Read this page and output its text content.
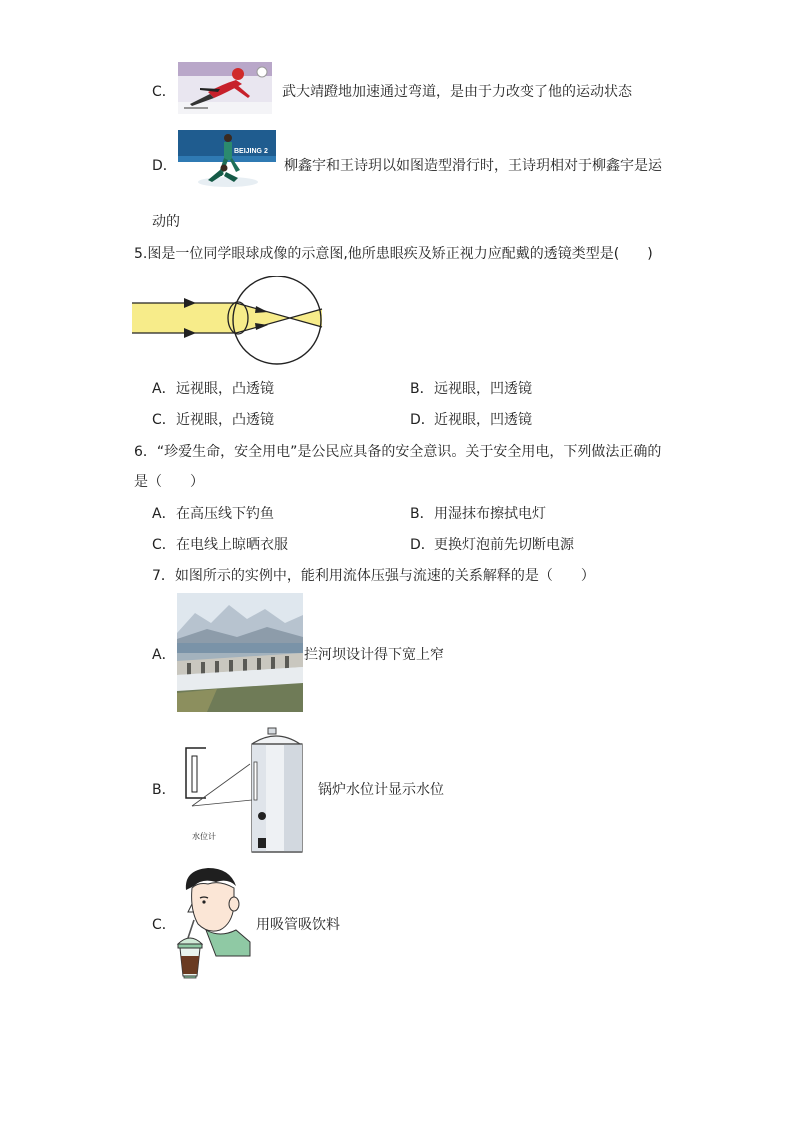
C．	武大靖蹬地加速通过弯道，是由于力改变了他的运动状态
D．
BEIJING 2
柳鑫宇和王诗玥以如图造型滑行时，王诗玥相对于柳鑫宇是运
动的
5.图是一位同学眼球成像的示意图,他所患眼疾及矫正视力应配戴的透镜类型是(　　)
A． 远视眼，凸透镜	B． 远视眼，凹透镜
C． 近视眼，凸透镜	D． 近视眼，凹透镜
6．“珍爱生命，安全用电”是公民应具备的安全意识。关于安全用电，下列做法正确的
是（　　）
A． 在高压线下钓鱼	B． 用湿抹布擦拭电灯
C． 在电线上晾晒衣服	D． 更换灯泡前先切断电源
7．如图所示的实例中，能利用流体压强与流速的关系解释的是（　　）
A．	拦河坝设计得下宽上窄
B．
水位计
锅炉水位计显示水位
C．	用吸管吸饮料
